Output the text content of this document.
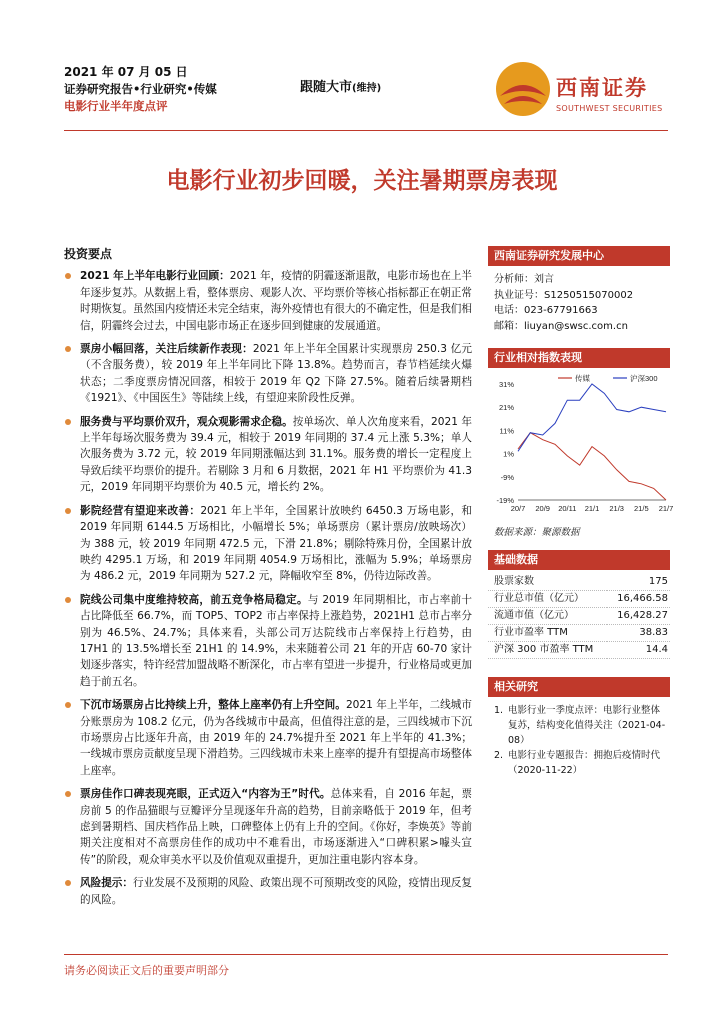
2021 年 07 月 05 日
证券研究报告•行业研究•传媒
电影行业半年度点评
跟随大市(维持)	西南证券
SOUTHWEST SECURITIES
电影行业初步回暖，关注暑期票房表现
投资要点
2021 年上半年电影行业回顾：2021 年，疫情的阴霾逐渐退散，电影市场也在上半年逐步复苏。从数据上看，整体票房、观影人次、平均票价等核心指标都正在朝正常时期恢复。虽然国内疫情还未完全结束，海外疫情也有很大的不确定性，但是我们相信，阴霾终会过去，中国电影市场正在逐步回到健康的发展通道。
票房小幅回落，关注后续新作表现：2021 年上半年全国累计实现票房 250.3 亿元（不含服务费），较 2019 年上半年同比下降 13.8%。趋势而言，春节档延续火爆状态；二季度票房情况回落，相较于 2019 年 Q2 下降 27.5%。随着后续暑期档《1921》、《中国医生》等陆续上线，有望迎来阶段性反弹。
服务费与平均票价双升，观众观影需求企稳。按单场次、单人次角度来看，2021 年上半年每场次服务费为 39.4 元，相较于 2019 年同期的 37.4 元上涨 5.3%；单人次服务费为 3.72 元，较 2019 年同期涨幅达到 31.1%。服务费的增长一定程度上导致后续平均票价的提升。若剔除 3 月和 6 月数据，2021 年 H1 平均票价为 41.3 元，2019 年同期平均票价为 40.5 元，增长约 2%。
影院经营有望迎来改善：2021 年上半年，全国累计放映约 6450.3 万场电影，和 2019 年同期 6144.5 万场相比，小幅增长 5%；单场票房（累计票房/放映场次）为 388 元，较 2019 年同期 472.5 元，下滑 21.8%；剔除特殊月份，全国累计放映约 4295.1 万场，和 2019 年同期 4054.9 万场相比，涨幅为 5.9%；单场票房为 486.2 元，2019 年同期为 527.2 元，降幅收窄至 8%，仍待边际改善。
院线公司集中度维持较高，前五竞争格局稳定。与 2019 年同期相比，市占率前十占比降低至 66.7%，而 TOP5、TOP2 市占率保持上涨趋势，2021H1 总市占率分别为 46.5%、24.7%；具体来看，头部公司万达院线市占率保持上行趋势，由 17H1 的 13.5%增长至 21H1 的 14.9%，未来随着公司 21 年的开店 60-70 家计划逐步落实，特许经营加盟战略不断深化，市占率有望进一步提升，行业格局或更加趋于前五名。
下沉市场票房占比持续上升，整体上座率仍有上升空间。2021 年上半年，二线城市分账票房为 108.2 亿元，仍为各线城市中最高，但值得注意的是，三四线城市下沉市场票房占比逐年升高，由 2019 年的 24.7%提升至 2021 年上半年的 41.3%；一线城市票房贡献度呈现下滑趋势。三四线城市未来上座率的提升有望提高市场整体上座率。
票房佳作口碑表现亮眼，正式迈入“内容为王”时代。总体来看，自 2016 年起，票房前 5 的作品猫眼与豆瓣评分呈现逐年升高的趋势，目前亲略低于 2019 年，但考虑到暑期档、国庆档作品上映，口碑整体上仍有上升的空间。《你好，李焕英》等前期关注度相对不高票房佳作的成功中不难看出，市场逐渐进入“口碑积累>噱头宣传”的阶段，观众审美水平以及价值观双重提升，更加注重电影内容本身。
风险提示：行业发展不及预期的风险、政策出现不可预期改变的风险，疫情出现反复的风险。
西南证券研究发展中心
分析师：刘言
执业证号：S1250515070002
电话：023-67791663
邮箱：liuyan@swsc.com.cn
行业相对指数表现
31%
21%
11%
1%
-9%
-19%
20/7 20/9 20/11 21/1 21/3 21/5 21/7
传媒	沪深300
数据来源：聚源数据
基础数据
股票家数	175
行业总市值（亿元）	16,466.58
流通市值（亿元）	16,428.27
行业市盈率 TTM	38.83
沪深 300 市盈率 TTM	14.4
相关研究
1. 电影行业一季度点评：电影行业整体复苏，结构变化值得关注（2021-04-08）
2. 电影行业专题报告：拥抱后疫情时代（2020-11-22）
请务必阅读正文后的重要声明部分
